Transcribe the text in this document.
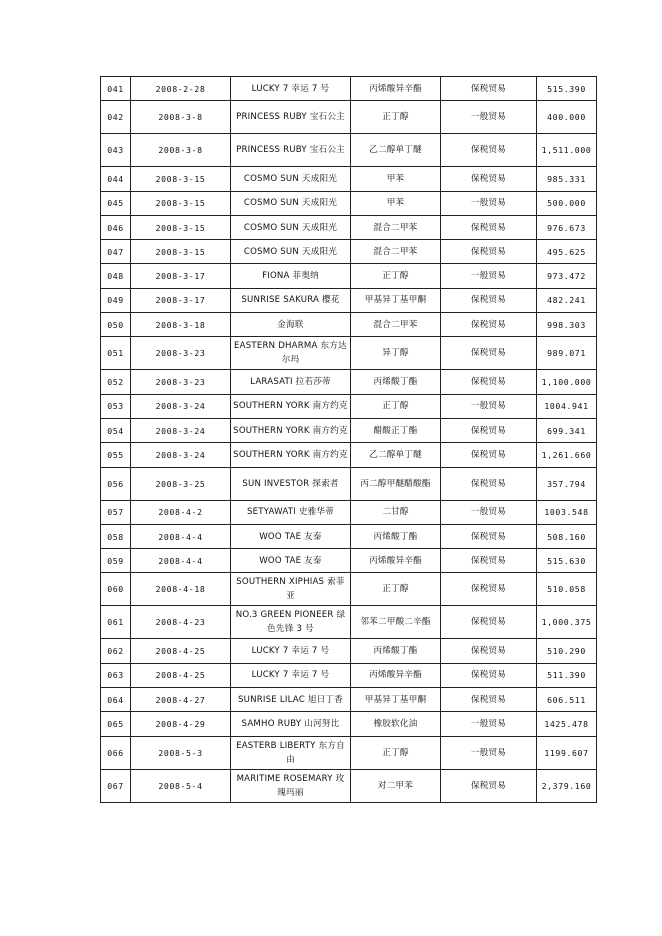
041	2008-2-28	LUCKY 7 幸运 7 号	丙烯酸异辛酯	保税贸易	515.390
042	2008-3-8	PRINCESS RUBY 宝石公主	正丁醇	一般贸易	400.000
043	2008-3-8	PRINCESS RUBY 宝石公主	乙二醇单丁醚	保税贸易	1,511.000
044	2008-3-15	COSMO SUN 天成阳光	甲苯	保税贸易	985.331
045	2008-3-15	COSMO SUN 天成阳光	甲苯	一般贸易	500.000
046	2008-3-15	COSMO SUN 天成阳光	混合二甲苯	保税贸易	976.673
047	2008-3-15	COSMO SUN 天成阳光	混合二甲苯	保税贸易	495.625
048	2008-3-17	FIONA 菲奥纳	正丁醇	一般贸易	973.472
049	2008-3-17	SUNRISE SAKURA 樱花	甲基异丁基甲酮	保税贸易	482.241
050	2008-3-18	金海联	混合二甲苯	保税贸易	998.303
051	2008-3-23	EASTERN DHARMA 东方达尔玛	异丁醇	保税贸易	989.071
052	2008-3-23	LARASATI 拉若莎蒂	丙烯酸丁酯	保税贸易	1,100.000
053	2008-3-24	SOUTHERN YORK 南方约克	正丁醇	一般贸易	1004.941
054	2008-3-24	SOUTHERN YORK 南方约克	醋酸正丁酯	保税贸易	699.341
055	2008-3-24	SOUTHERN YORK 南方约克	乙二醇单丁醚	保税贸易	1,261.660
056	2008-3-25	SUN INVESTOR 探索者	丙二醇甲醚醋酸酯	保税贸易	357.794
057	2008-4-2	SETYAWATI 史雅华蒂	二甘醇	一般贸易	1003.548
058	2008-4-4	WOO TAE 友泰	丙烯酸丁酯	保税贸易	508.160
059	2008-4-4	WOO TAE 友泰	丙烯酸异辛酯	保税贸易	515.630
060	2008-4-18	SOUTHERN XIPHIAS 索菲亚	正丁醇	保税贸易	510.058
061	2008-4-23	NO.3 GREEN PIONEER 绿色先锋 3 号	邻苯二甲酸二辛酯	保税贸易	1,000.375
062	2008-4-25	LUCKY 7 幸运 7 号	丙烯酸丁酯	保税贸易	510.290
063	2008-4-25	LUCKY 7 幸运 7 号	丙烯酸异辛酯	保税贸易	511.390
064	2008-4-27	SUNRISE LILAC 旭日丁香	甲基异丁基甲酮	保税贸易	606.511
065	2008-4-29	SAMHO RUBY 山河努比	橡胶软化油	一般贸易	1425.478
066	2008-5-3	EASTERB LIBERTY 东方自由	正丁醇	一般贸易	1199.607
067	2008-5-4	MARITIME ROSEMARY 玫瑰玛丽	对二甲苯	保税贸易	2,379.160
